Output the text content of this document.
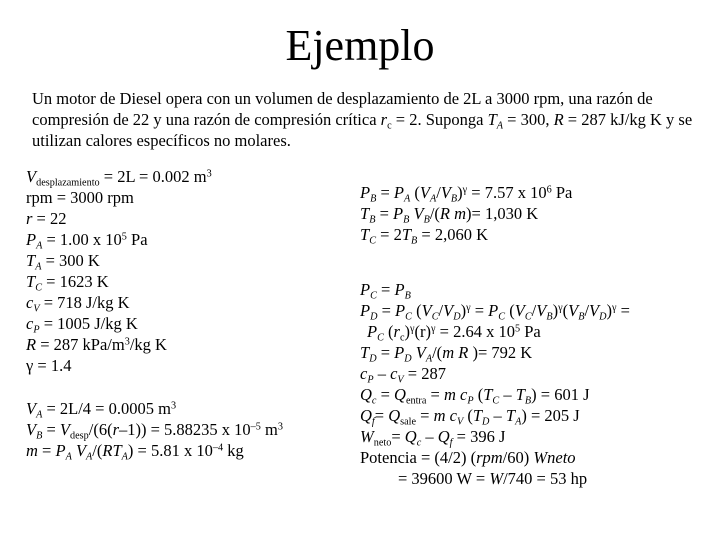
Ejemplo
Un motor de Diesel opera con un volumen de desplazamiento de 2L a 3000 rpm, una razón de compresión de 22 y una razón de compresión crítica $r_c = 2$. Suponga $T_A = 300$, R = 287 kJ/kg K y se utilizan calores específicos no molares.
$V_{desplazamiento} = 2L = 0.002$ $m^3$
rpm = 3000 rpm
r = 22
$P_A = 1.00$ x $10^5$ Pa
$T_A = 300$ K
$T_C = 1623$ K
$c_V = 718$ J/kg K
$c_P = 1005$ J/kg K
R = 287 kPa/$m^3/kg$ K
γ = 1.4
$V_A = 2L/4 = 0.0005$ $m^3$
$V_B = V_{desp}/(6(r-1)) = 5.88235$ x $10^{-5}$ $m^3$
$m = P_A$ $V_A/(RT_A) = 5.81$ x $10^{-4}$ kg
$P_B = P_A$ $(V_A/V_B)^\gamma = 7.57$ x $10^6$ Pa
$T_B = P_B$ $V_B/(R$ m)= 1,030 K
$T_C = 2T_B = 2,060$ K
$P_C = P_B$
$P_D = P_C$ $(V_C/V_D)^\gamma = P_C$ $(V_C/V_B)^\gamma(V_B/V_D)^\gamma$ =
$P_C$ $(r_c)^\gamma(r)^\gamma = 2.64$ x $10^5$ Pa
$T_D = P_D$ $V_A/(m$ R )= 792 K
$c_P - c_V = 287$
$Q_c = Q_{entra} = m$ $c_P$ $(T_C - T_B) = 601$ J
$Q_f= Q_{sale} = m$ $c_V$ $(T_D - T_A) = 205$ J
$W_{neto}= Q_c - Q_f = 396$ J
Potencia = (4/2) (rpm/60) Wneto
= 39600 W = W/740 = 53 hp
